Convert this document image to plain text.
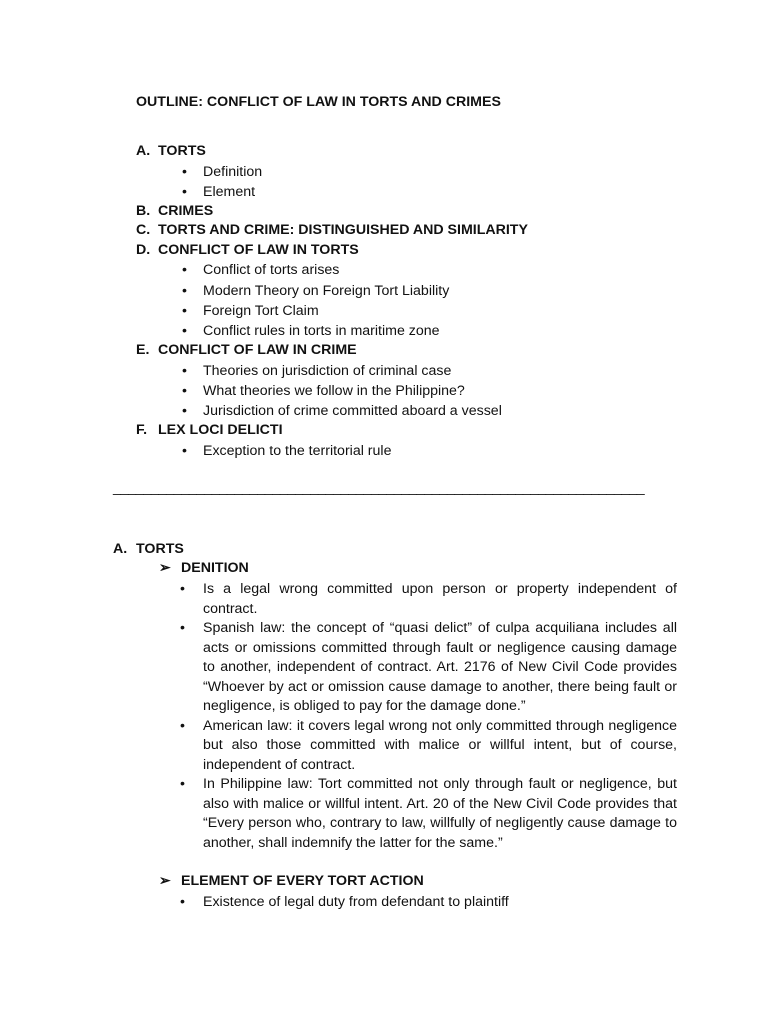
OUTLINE: CONFLICT OF LAW IN TORTS AND CRIMES
A. TORTS
• Definition
• Element
B. CRIMES
C. TORTS AND CRIME: DISTINGUISHED AND SIMILARITY
D. CONFLICT OF LAW IN TORTS
• Conflict of torts arises
• Modern Theory on Foreign Tort Liability
• Foreign Tort Claim
• Conflict rules in torts in maritime zone
E. CONFLICT OF LAW IN CRIME
• Theories on jurisdiction of criminal case
• What theories we follow in the Philippine?
• Jurisdiction of crime committed aboard a vessel
F. LEX LOCI DELICTI
• Exception to the territorial rule
______________________________________________________________________
A. TORTS
➢ DENITION
• Is a legal wrong committed upon person or property independent of contract.
• Spanish law: the concept of “quasi delict” of culpa acquiliana includes all acts or omissions committed through fault or negligence causing damage to another, independent of contract. Art. 2176 of New Civil Code provides “Whoever by act or omission cause damage to another, there being fault or negligence, is obliged to pay for the damage done.”
• American law: it covers legal wrong not only committed through negligence but also those committed with malice or willful intent, but of course, independent of contract.
• In Philippine law: Tort committed not only through fault or negligence, but also with malice or willful intent. Art. 20 of the New Civil Code provides that “Every person who, contrary to law, willfully of negligently cause damage to another, shall indemnify the latter for the same.”
➢ ELEMENT OF EVERY TORT ACTION
• Existence of legal duty from defendant to plaintiff
